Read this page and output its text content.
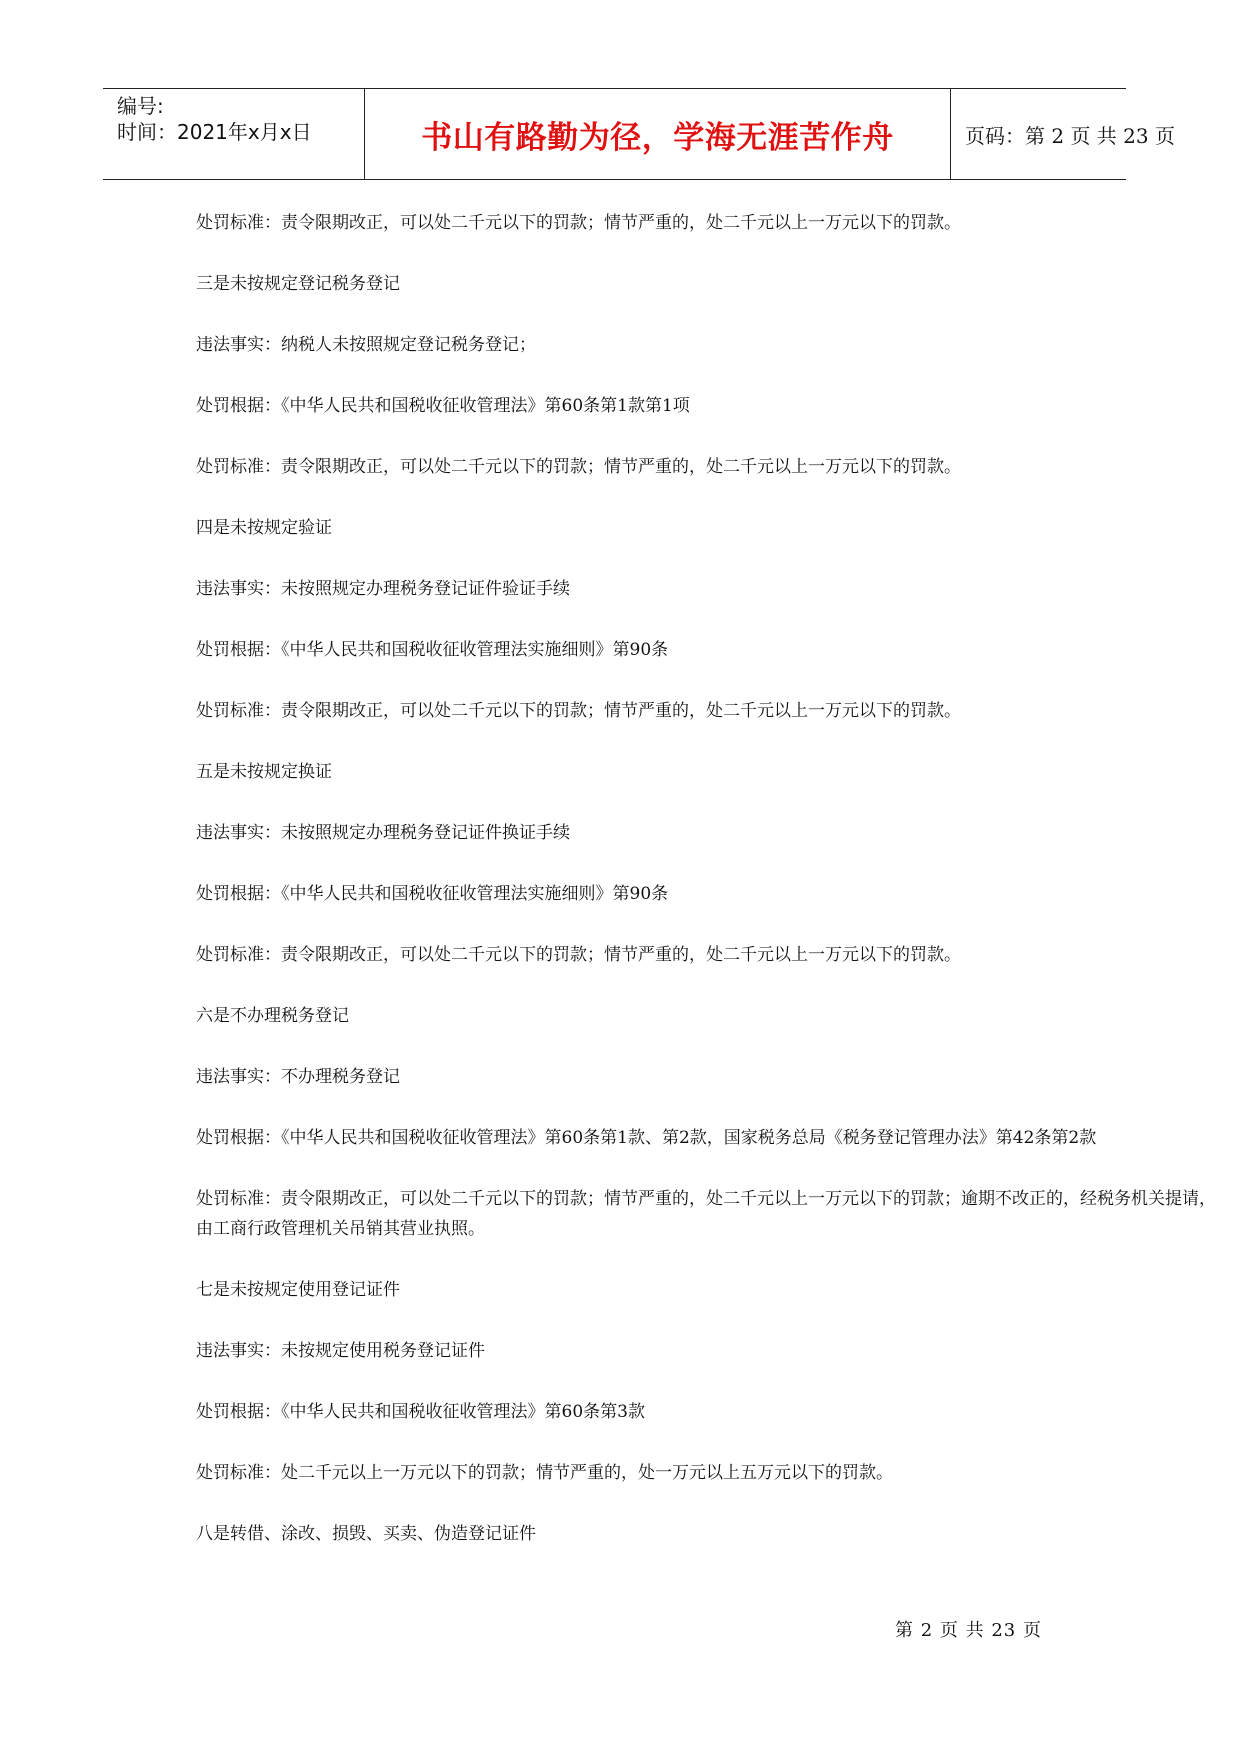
编号:
时间：2021年x月x日	书山有路勤为径，学海无涯苦作舟	页码：第 2 页 共 23 页

处罚标准：责令限期改正，可以处二千元以下的罚款；情节严重的，处二千元以上一万元以下的罚款。

三是未按规定登记税务登记

违法事实：纳税人未按照规定登记税务登记；

处罚根据：《中华人民共和国税收征收管理法》第60条第1款第1项

处罚标准：责令限期改正，可以处二千元以下的罚款；情节严重的，处二千元以上一万元以下的罚款。

四是未按规定验证

违法事实：未按照规定办理税务登记证件验证手续

处罚根据：《中华人民共和国税收征收管理法实施细则》第90条

处罚标准：责令限期改正，可以处二千元以下的罚款；情节严重的，处二千元以上一万元以下的罚款。

五是未按规定换证

违法事实：未按照规定办理税务登记证件换证手续

处罚根据：《中华人民共和国税收征收管理法实施细则》第90条

处罚标准：责令限期改正，可以处二千元以下的罚款；情节严重的，处二千元以上一万元以下的罚款。

六是不办理税务登记

违法事实：不办理税务登记

处罚根据：《中华人民共和国税收征收管理法》第60条第1款、第2款，国家税务总局《税务登记管理办法》第42条第2款

处罚标准：责令限期改正，可以处二千元以下的罚款；情节严重的，处二千元以上一万元以下的罚款；逾期不改正的，经税务机关提请，由工商行政管理机关吊销其营业执照。

七是未按规定使用登记证件

违法事实：未按规定使用税务登记证件

处罚根据：《中华人民共和国税收征收管理法》第60条第3款

处罚标准：处二千元以上一万元以下的罚款；情节严重的，处一万元以上五万元以下的罚款。

八是转借、涂改、损毁、买卖、伪造登记证件

第 2 页 共 23 页
